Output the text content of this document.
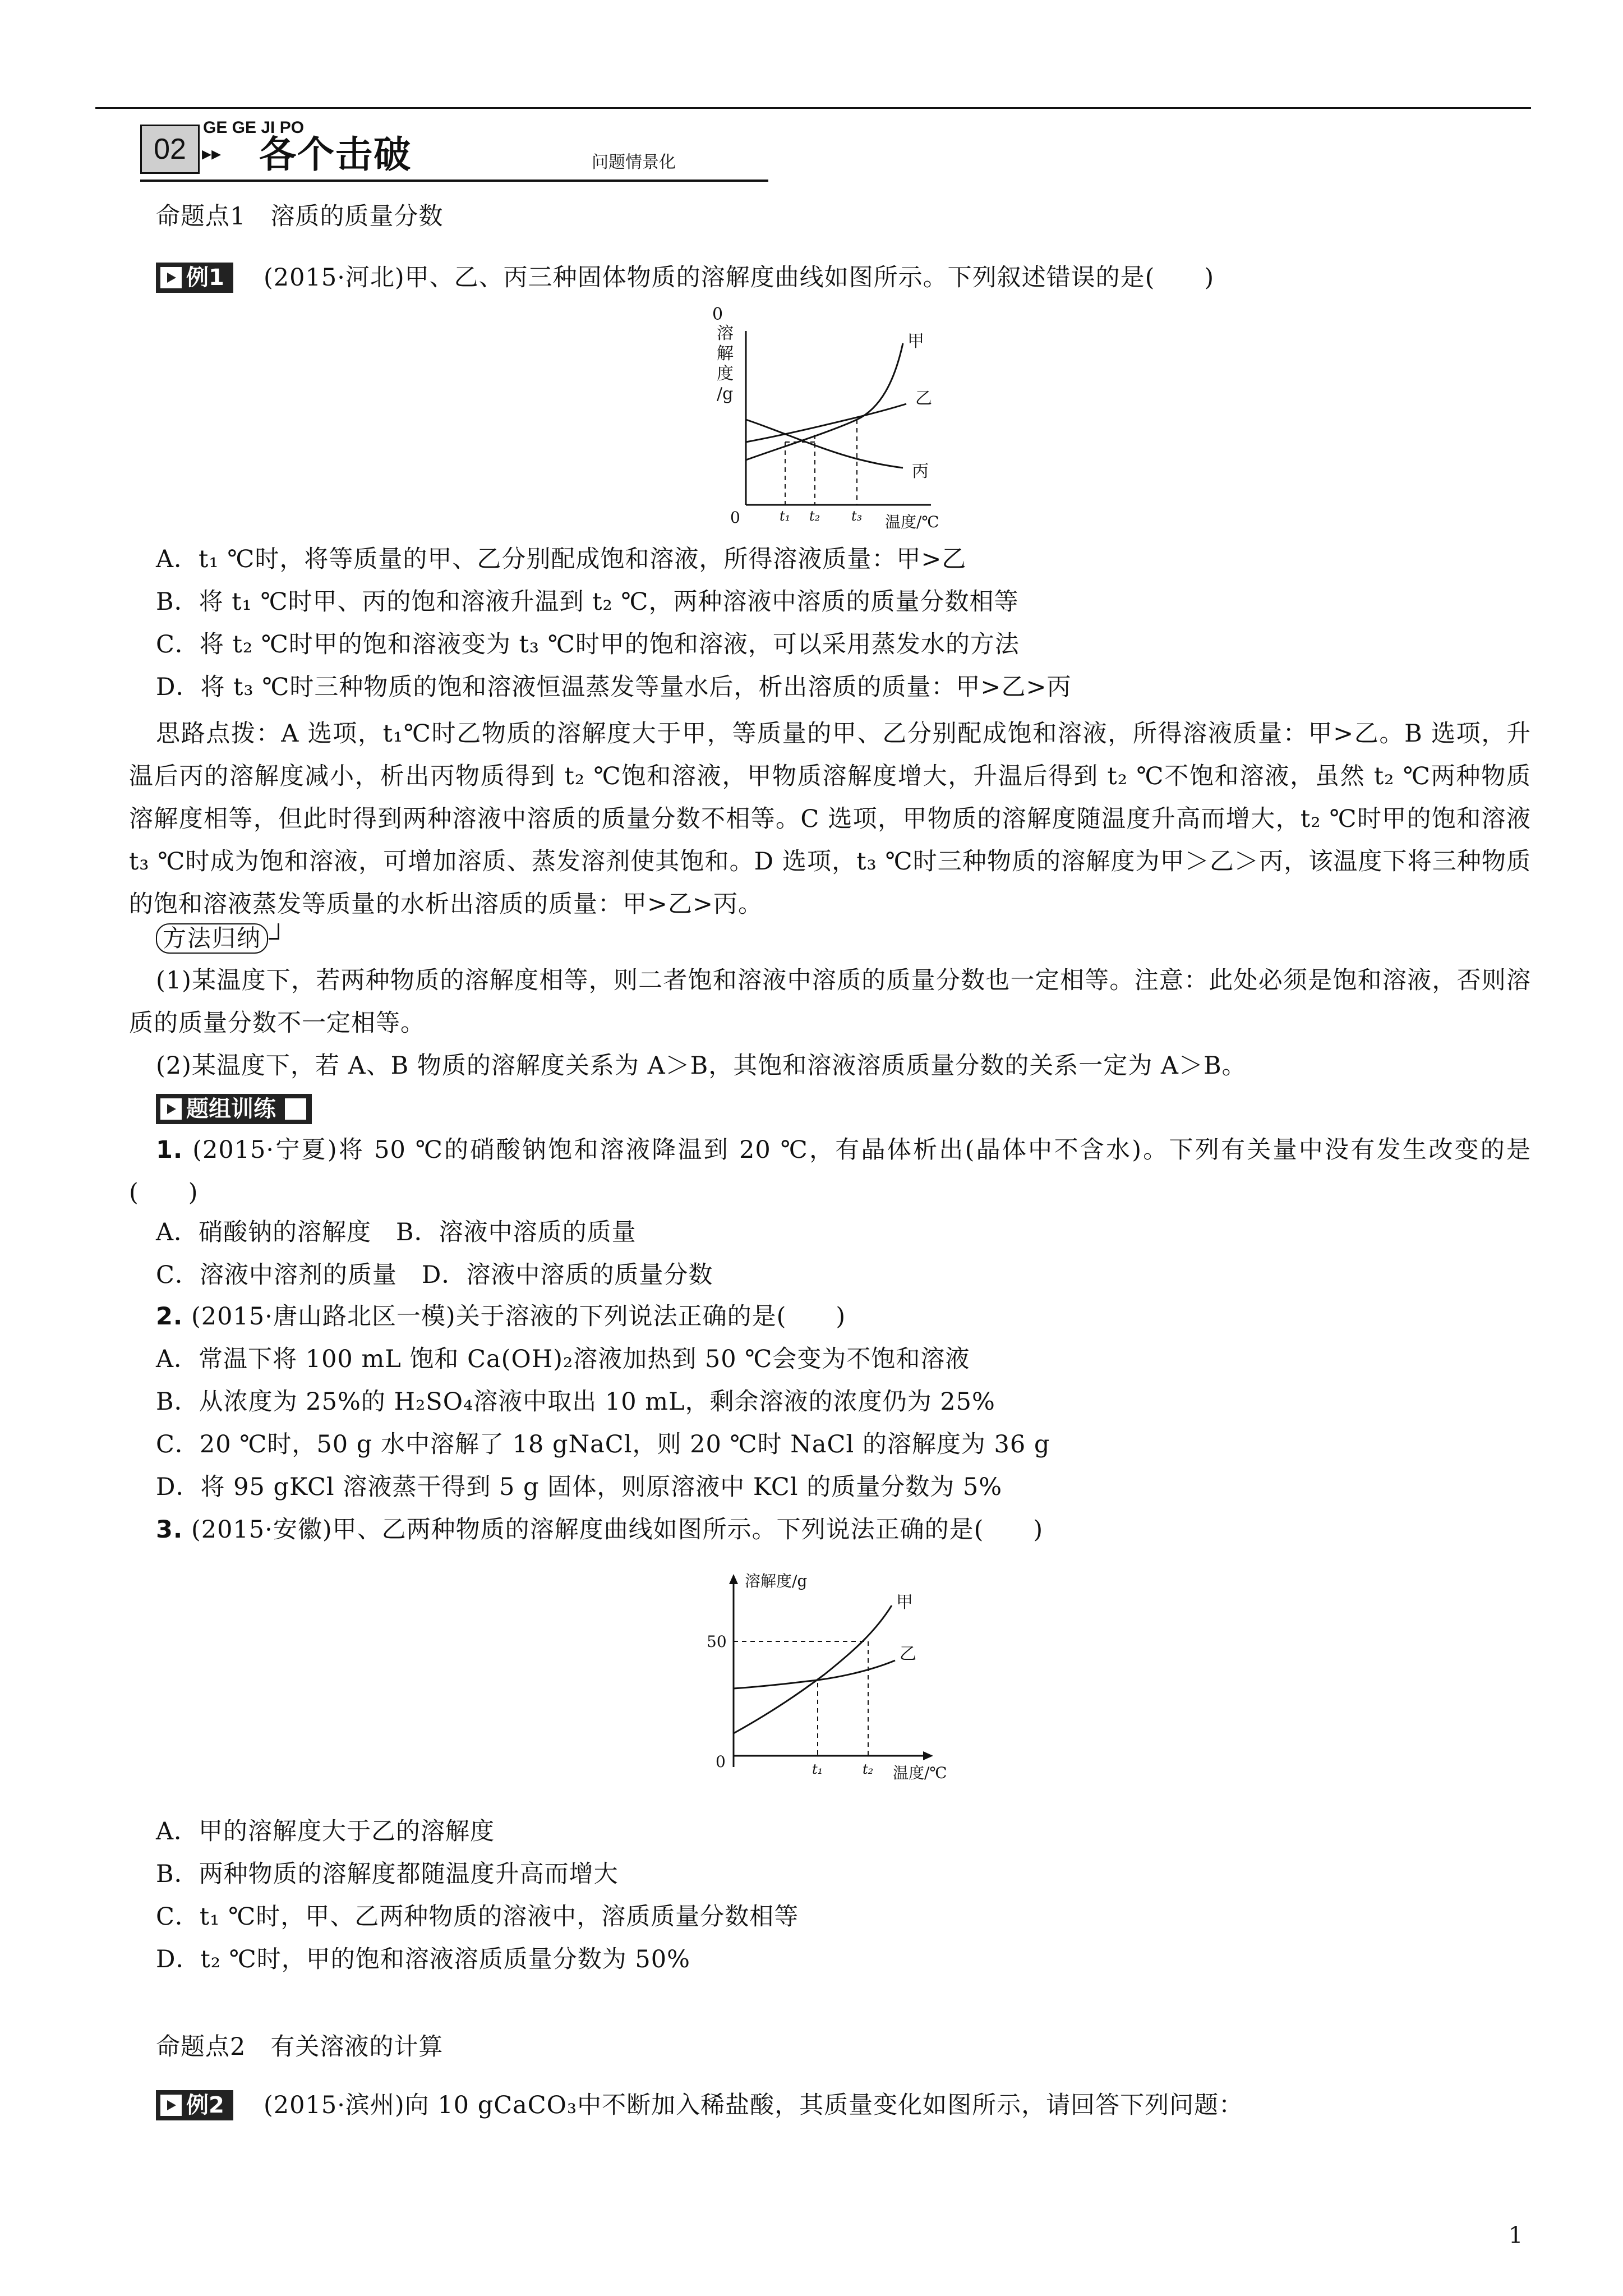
02
GE GE JI PO
▸▸ 各个击破	问题情景化
命题点1　溶质的质量分数
例1	(2015·河北)甲、乙、丙三种固体物质的溶解度曲线如图所示。下列叙述错误的是(　　)
溶
解
度
/g
0
0
甲
乙
丙
t₁ t₂ t₃ 温度/℃
A．t₁ ℃时，将等质量的甲、乙分别配成饱和溶液，所得溶液质量：甲>乙
B．将 t₁ ℃时甲、丙的饱和溶液升温到 t₂ ℃，两种溶液中溶质的质量分数相等
C．将 t₂ ℃时甲的饱和溶液变为 t₃ ℃时甲的饱和溶液，可以采用蒸发水的方法
D．将 t₃ ℃时三种物质的饱和溶液恒温蒸发等量水后，析出溶质的质量：甲>乙>丙
思路点拨：A 选项，t₁℃时乙物质的溶解度大于甲，等质量的甲、乙分别配成饱和溶液，所得溶液质量：甲>乙。B 选项，升温后丙的溶解度减小，析出丙物质得到 t₂ ℃饱和溶液，甲物质溶解度增大，升温后得到 t₂ ℃不饱和溶液，虽然 t₂ ℃两种物质溶解度相等，但此时得到两种溶液中溶质的质量分数不相等。C 选项，甲物质的溶解度随温度升高而增大，t₂ ℃时甲的饱和溶液 t₃ ℃时成为饱和溶液，可增加溶质、蒸发溶剂使其饱和。D 选项，t₃ ℃时三种物质的溶解度为甲＞乙＞丙，该温度下将三种物质的饱和溶液蒸发等质量的水析出溶质的质量：甲>乙>丙。
方法归纳
(1)某温度下，若两种物质的溶解度相等，则二者饱和溶液中溶质的质量分数也一定相等。注意：此处必须是饱和溶液，否则溶质的质量分数不一定相等。
(2)某温度下，若 A、B 物质的溶解度关系为 A＞B，其饱和溶液溶质质量分数的关系一定为 A＞B。
题组训练
1. (2015·宁夏)将 50 ℃的硝酸钠饱和溶液降温到 20 ℃，有晶体析出(晶体中不含水)。下列有关量中没有发生改变的是(　　)
A．硝酸钠的溶解度　B．溶液中溶质的质量
C．溶液中溶剂的质量　D．溶液中溶质的质量分数
2. (2015·唐山路北区一模)关于溶液的下列说法正确的是(　　)
A．常温下将 100 mL 饱和 Ca(OH)₂溶液加热到 50 ℃会变为不饱和溶液
B．从浓度为 25%的 H₂SO₄溶液中取出 10 mL，剩余溶液的浓度仍为 25%
C．20 ℃时，50 g 水中溶解了 18 gNaCl，则 20 ℃时 NaCl 的溶解度为 36 g
D．将 95 gKCl 溶液蒸干得到 5 g 固体，则原溶液中 KCl 的质量分数为 5%
3. (2015·安徽)甲、乙两种物质的溶解度曲线如图所示。下列说法正确的是(　　)
溶解度/g
50
0
甲
乙
t₁	t₂ 温度/℃
A．甲的溶解度大于乙的溶解度
B．两种物质的溶解度都随温度升高而增大
C．t₁ ℃时，甲、乙两种物质的溶液中，溶质质量分数相等
D．t₂ ℃时，甲的饱和溶液溶质质量分数为 50%
命题点2　有关溶液的计算
例2	(2015·滨州)向 10 gCaCO₃中不断加入稀盐酸，其质量变化如图所示，请回答下列问题：
1
